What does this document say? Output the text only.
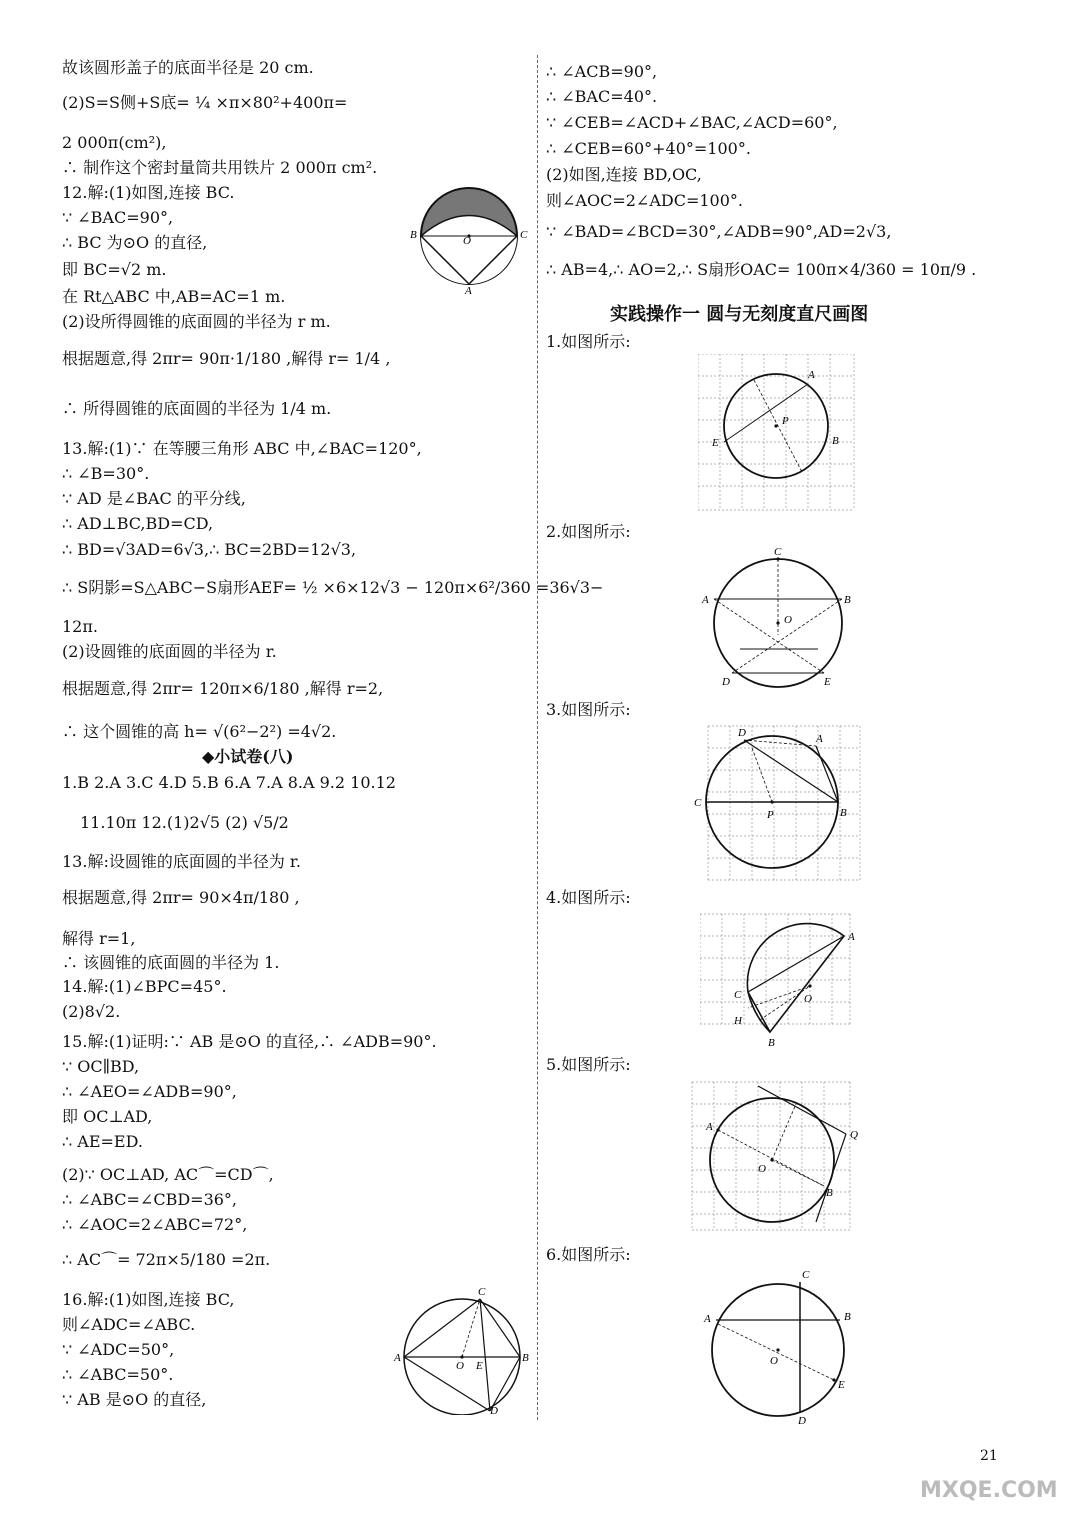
故该圆形盖子的底面半径是 20 cm.
(2)S=S侧+S底= ¼ ×π×80²+400π=
2 000π(cm²),
∴ 制作这个密封量筒共用铁片 2 000π cm².
12.解:(1)如图,连接 BC.
∵ ∠BAC=90°,
∴ BC 为⊙O 的直径,
即 BC=√2 m.
在 Rt△ABC 中,AB=AC=1 m.
(2)设所得圆锥的底面圆的半径为 r m.
根据题意,得 2πr= 90π·1/180 ,解得 r= 1/4 ,
∴ 所得圆锥的底面圆的半径为 1/4 m.
13.解:(1)∵ 在等腰三角形 ABC 中,∠BAC=120°,
∴ ∠B=30°.
∵ AD 是∠BAC 的平分线,
∴ AD⊥BC,BD=CD,
∴ BD=√3AD=6√3,∴ BC=2BD=12√3,
∴ S阴影=S△ABC−S扇形AEF= ½ ×6×12√3 − 120π×6²/360 =36√3−
12π.
(2)设圆锥的底面圆的半径为 r.
根据题意,得 2πr= 120π×6/180 ,解得 r=2,
∴ 这个圆锥的高 h= √(6²−2²) =4√2.
◆小试卷(八)
1.B 2.A 3.C 4.D 5.B 6.A 7.A 8.A 9.2 10.12
11.10π 12.(1)2√5 (2) √5/2
13.解:设圆锥的底面圆的半径为 r.
根据题意,得 2πr= 90×4π/180 ,
解得 r=1,
∴ 该圆锥的底面圆的半径为 1.
14.解:(1)∠BPC=45°.
(2)8√2.
15.解:(1)证明:∵ AB 是⊙O 的直径,∴ ∠ADB=90°.
∵ OC∥BD,
∴ ∠AEO=∠ADB=90°,
即 OC⊥AD,
∴ AE=ED.
(2)∵ OC⊥AD, AC⌒=CD⌒,
∴ ∠ABC=∠CBD=36°,
∴ ∠AOC=2∠ABC=72°,
∴ AC⌒= 72π×5/180 =2π.
16.解:(1)如图,连接 BC,
则∠ADC=∠ABC.
∵ ∠ADC=50°,
∴ ∠ABC=50°.
∵ AB 是⊙O 的直径,
O
B	C
A
O E
A	B
C
D
∴ ∠ACB=90°,
∴ ∠BAC=40°.
∵ ∠CEB=∠ACD+∠BAC,∠ACD=60°,
∴ ∠CEB=60°+40°=100°.
(2)如图,连接 BD,OC,
则∠AOC=2∠ADC=100°.
∵ ∠BAD=∠BCD=30°,∠ADB=90°,AD=2√3,
∴ AB=4,∴ AO=2,∴ S扇形OAC= 100π×4/360 = 10π/9 .
1.如图所示:
2.如图所示:
3.如图所示:
4.如图所示:
5.如图所示:
6.如图所示:
实践操作一 圆与无刻度直尺画图
P
A
B
E
O
C
A	B
D	E
P
D	A
C
B
O
A
C
H
B
O
A
Q
B
O
C
A	B
E
D
21
MXQE.COM
